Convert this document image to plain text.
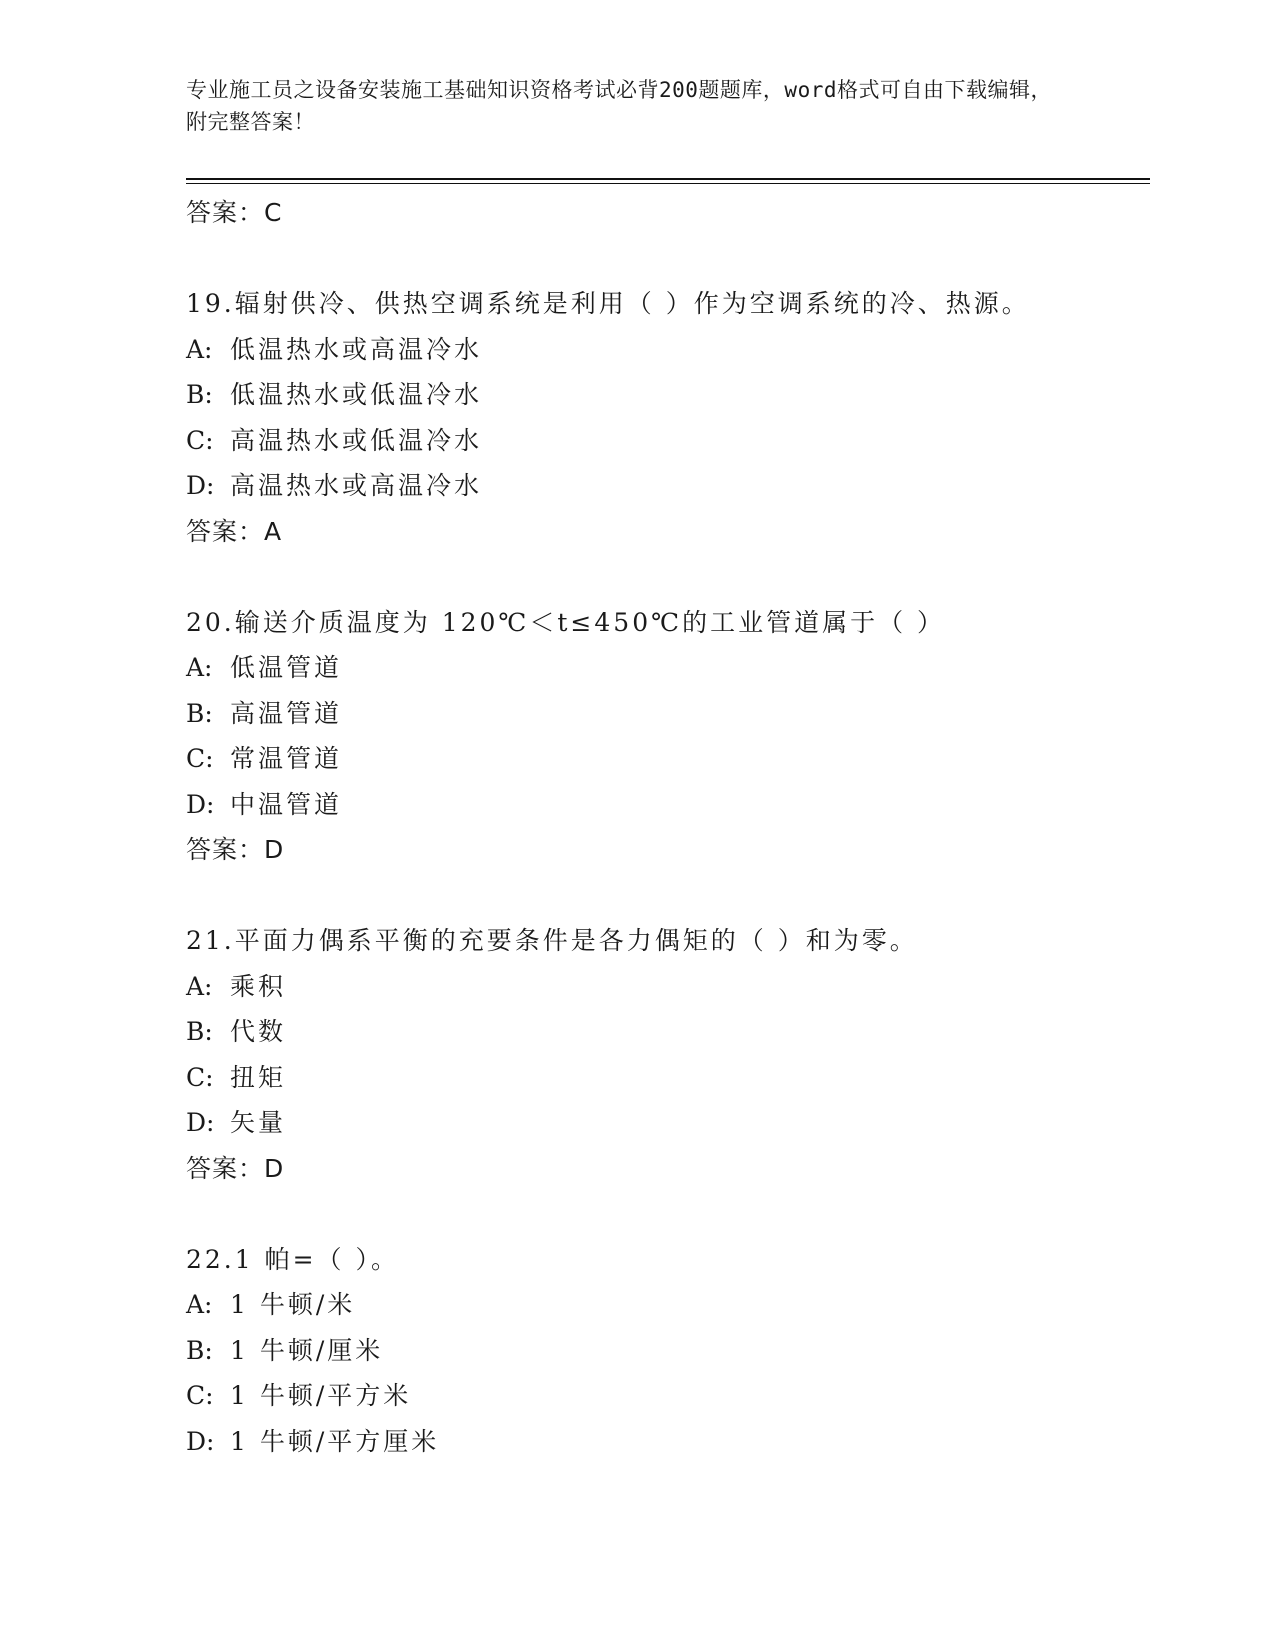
专业施工员之设备安装施工基础知识资格考试必背200题题库，word格式可自由下载编辑，附完整答案！
答案：C
19.辐射供冷、供热空调系统是利用（ ）作为空调系统的冷、热源。
A: 低温热水或高温冷水
B: 低温热水或低温冷水
C: 高温热水或低温冷水
D: 高温热水或高温冷水
答案：A
20.输送介质温度为 120℃＜t≤450℃的工业管道属于（ ）
A: 低温管道
B: 高温管道
C: 常温管道
D: 中温管道
答案：D
21.平面力偶系平衡的充要条件是各力偶矩的（ ）和为零。
A: 乘积
B: 代数
C: 扭矩
D: 矢量
答案：D
22.1 帕=（ ）。
A: 1 牛顿/米
B: 1 牛顿/厘米
C: 1 牛顿/平方米
D: 1 牛顿/平方厘米
